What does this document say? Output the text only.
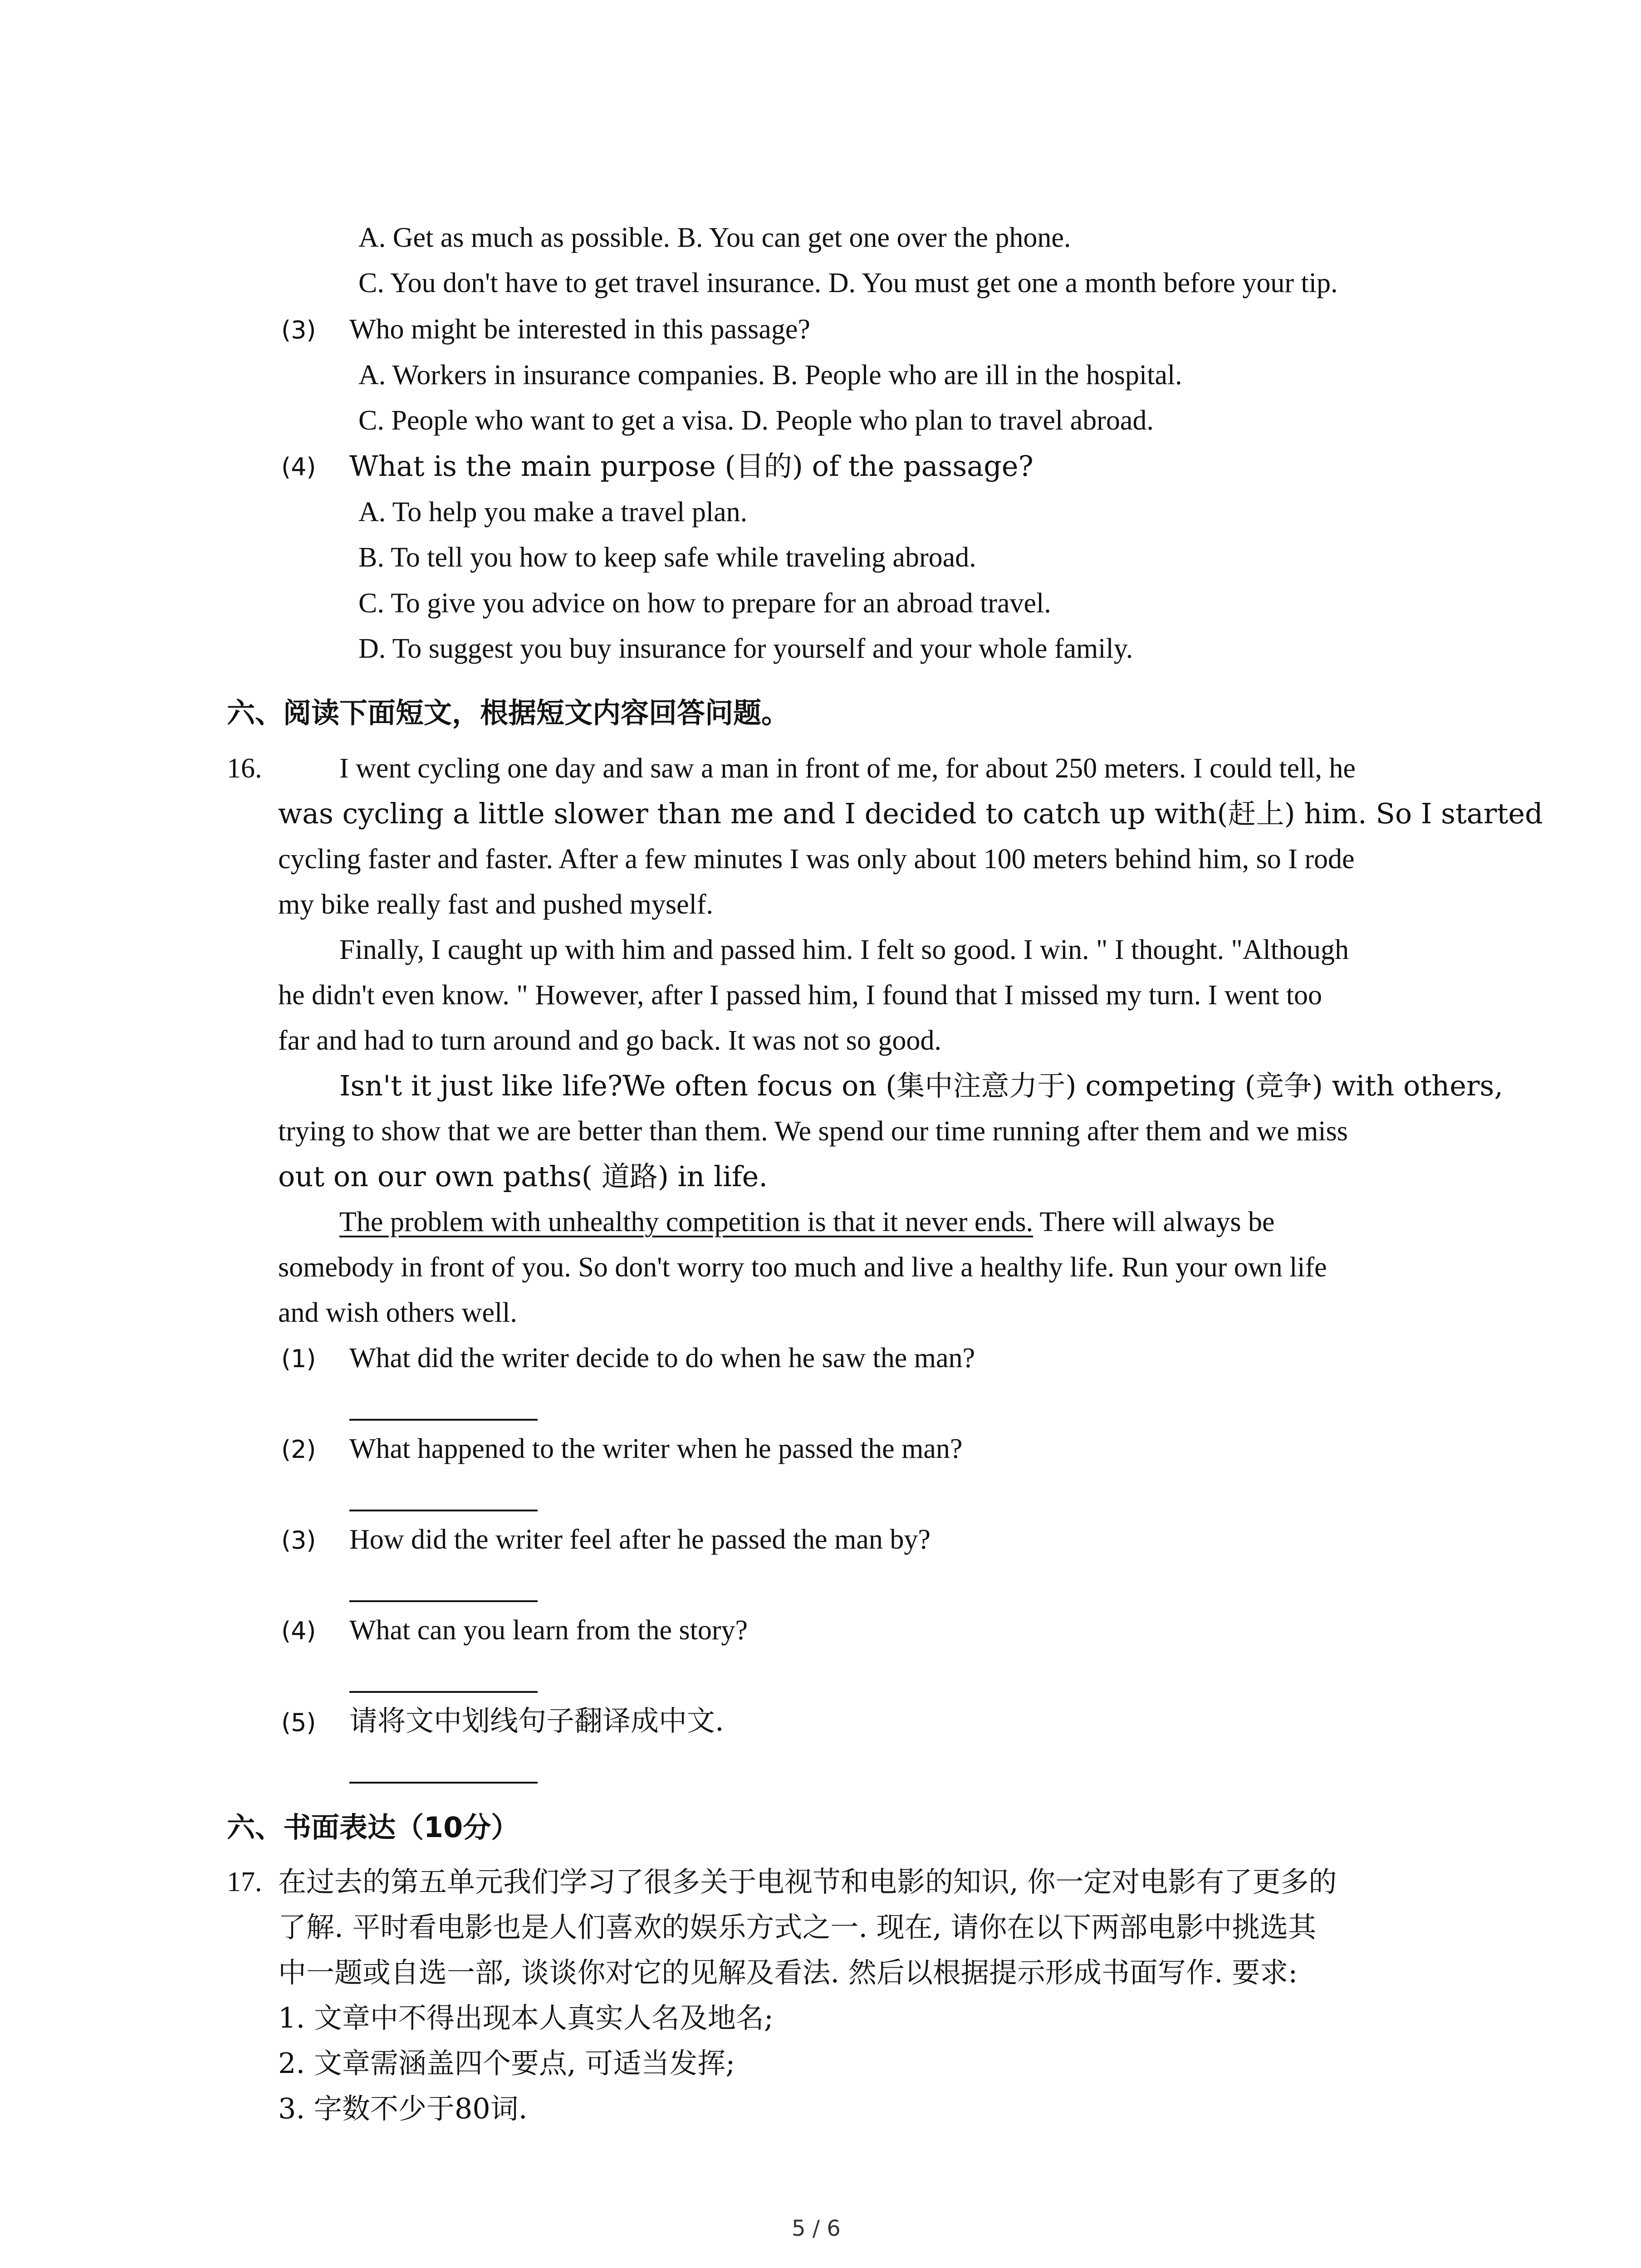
A. Get as much as possible. B. You can get one over the phone.
C. You don't have to get travel insurance. D. You must get one a month before your tip.
(3) Who might be interested in this passage?
A. Workers in insurance companies. B. People who are ill in the hospital.
C. People who want to get a visa. D. People who plan to travel abroad.
(4) What is the main purpose (目的) of the passage?
A. To help you make a travel plan.
B. To tell you how to keep safe while traveling abroad.
C. To give you advice on how to prepare for an abroad travel.
D. To suggest you buy insurance for yourself and your whole family.
六、阅读下面短文，根据短文内容回答问题。
16.	I went cycling one day and saw a man in front of me, for about 250 meters. I could tell, he
was cycling a little slower than me and I decided to catch up with(赶上) him. So I started
cycling faster and faster. After a few minutes I was only about 100 meters behind him, so I rode
my bike really fast and pushed myself.
Finally, I caught up with him and passed him. I felt so good. I win. " I thought. "Although
he didn't even know. " However, after I passed him, I found that I missed my turn. I went too
far and had to turn around and go back. It was not so good.
Isn't it just like life?We often focus on (集中注意力于) competing (竞争) with others,
trying to show that we are better than them. We spend our time running after them and we miss
out on our own paths( 道路) in life.
The problem with unhealthy competition is that it never ends. There will always be
somebody in front of you. So don't worry too much and live a healthy life. Run your own life
and wish others well.
(1) What did the writer decide to do when he saw the man?
(2) What happened to the writer when he passed the man?
(3) How did the writer feel after he passed the man by?
(4) What can you learn from the story?
(5) 请将文中划线句子翻译成中文.
六、书面表达（10分）
17. 在过去的第五单元我们学习了很多关于电视节和电影的知识, 你一定对电影有了更多的
了解. 平时看电影也是人们喜欢的娱乐方式之一. 现在, 请你在以下两部电影中挑选其
中一题或自选一部, 谈谈你对它的见解及看法. 然后以根据提示形成书面写作. 要求:
1. 文章中不得出现本人真实人名及地名;
2. 文章需涵盖四个要点, 可适当发挥;
3. 字数不少于80词.
5 / 6
